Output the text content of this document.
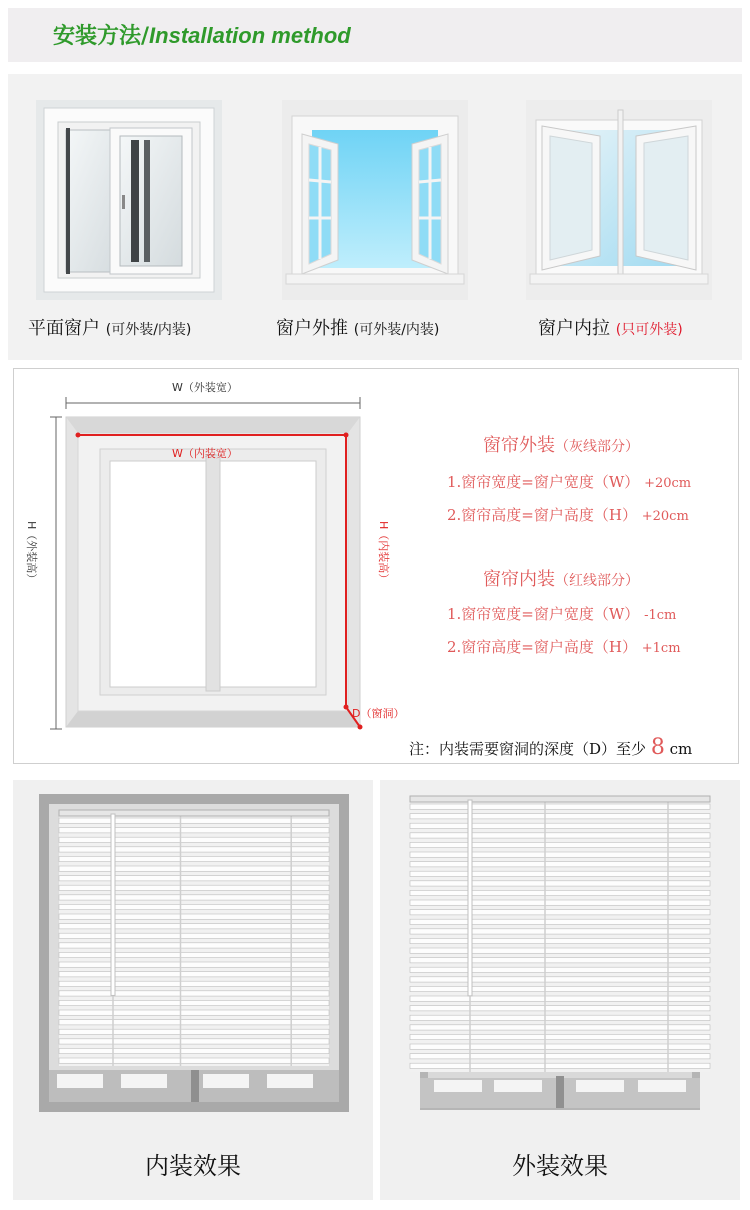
安装方法/Installation method
平面窗户 (可外装/内装)	窗户外推 (可外装/内装)	窗户内拉 (只可外装)
W（外装宽）
H（外装高）
W（内装宽）
H（内装高）
D（窗洞）
窗帘外装（灰线部分）
1.窗帘宽度=窗户宽度（W） +20cm
2.窗帘高度=窗户高度（H） +20cm
窗帘内装（红线部分）
1.窗帘宽度=窗户宽度（W） -1cm
2.窗帘高度=窗户高度（H） +1cm
注：内装需要窗洞的深度（D）至少 8 cm
内装效果	外装效果
